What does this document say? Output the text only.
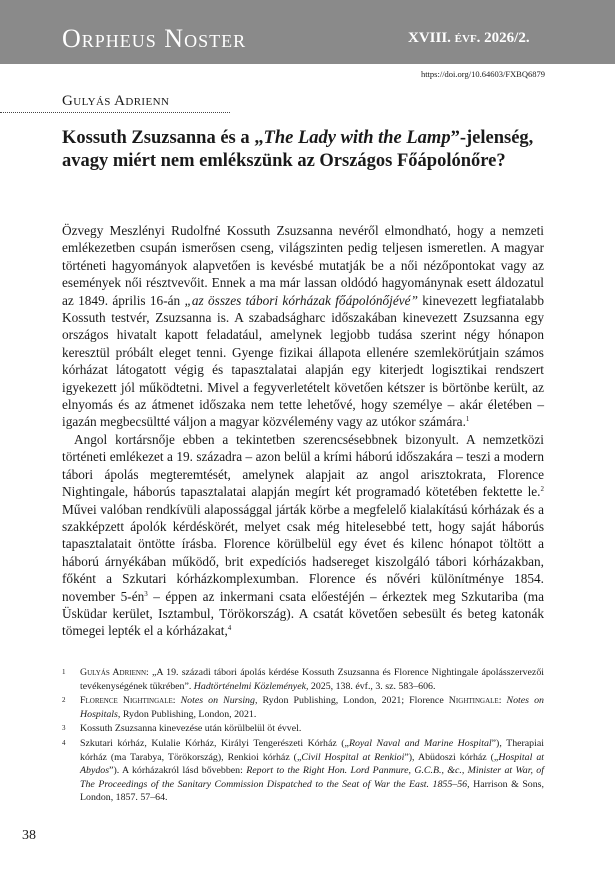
Orpheus Noster	XVIII. évf. 2026/2.
https://doi.org/10.64603/FXBQ6879
Gulyás Adrienn
Kossuth Zsuzsanna és a „The Lady with the Lamp”-jelenség, avagy miért nem emlékszünk az Országos Főápolónőre?

Özvegy Meszlényi Rudolfné Kossuth Zsuzsanna nevéről elmondható, hogy a nemzeti emlékezetben csupán ismerősen cseng, világszinten pedig teljesen ismeretlen. A magyar történeti hagyományok alapvetően is kevésbé mutatják be a női nézőpontokat vagy az események női résztvevőit. Ennek a ma már lassan oldódó hagyománynak esett áldozatul az 1849. április 16-án „az összes tábori kórházak főápolónőjévé” kinevezett legfiatalabb Kossuth testvér, Zsuzsanna is. A szabadságharc időszakában kinevezett Zsuzsanna egy országos hivatalt kapott feladatául, amelynek legjobb tudása szerint négy hónapon keresztül próbált eleget tenni. Gyenge fizikai állapota ellenére szemlekörútjain számos kórházat látogatott végig és tapasztalatai alapján egy kiterjedt logisztikai rendszert igyekezett jól működtetni. Mivel a fegyverletételt követően kétszer is börtönbe került, az elnyomás és az átmenet időszaka nem tette lehetővé, hogy személye – akár életében – igazán megbecsültté váljon a magyar közvélemény vagy az utókor számára.$^1$

Angol kortársnője ebben a tekintetben szerencsésebbnek bizonyult. A nemzetközi történeti emlékezet a 19. századra – azon belül a krími háború időszakára – teszi a modern tábori ápolás megteremtését, amelynek alapjait az angol arisztokrata, Florence Nightingale, háborús tapasztalatai alapján megírt két programadó kötetében fektette le.$^2$ Művei valóban rendkívüli alapossággal járták körbe a megfelelő kialakítású kórházak és a szakképzett ápolók kérdéskörét, melyet csak még hitelesebbé tett, hogy saját háborús tapasztalatait öntötte írásba. Florence körülbelül egy évet és kilenc hónapot töltött a háború árnyékában működő, brit expedíciós hadsereget kiszolgáló tábori kórházakban, főként a Szkutari kórházkomplexumban. Florence és nővéri különítménye 1854. november $5-én^3$ – éppen az inkermani csata előestéjén – érkeztek meg Szkutariba (ma Üsküdar kerület, Isztambul, Törökország). A csatát követően sebesült és beteg katonák tömegei lepték el a kórházakat,$^4$

1 Gulyás Adrienn: „A 19. századi tábori ápolás kérdése Kossuth Zsuzsanna és Florence Nightingale ápolásszervezői tevékenységének tükrében”. Hadtörténelmi Közlemények, 2025, 138. évf., 3. sz. 583–606.
2 Florence Nightingale: Notes on Nursing, Rydon Publishing, London, 2021; Florence Nightingale: Notes on Hospitals, Rydon Publishing, London, 2021.
3 Kossuth Zsuzsanna kinevezése után körülbelül öt évvel.
4 Szkutari kórház, Kulalie Kórház, Királyi Tengerészeti Kórház („Royal Naval and Marine Hospital”), Therapiai kórház (ma Tarabya, Törökország), Renkioi kórház („Civil Hospital at Renkioi”), Abüdoszi kórház („Hospital at Abydos”). A kórházakról lásd bővebben: Report to the Right Hon. Lord Panmure, G.C.B., &c., Minister at War, of The Proceedings of the Sanitary Commission Dispatched to the Seat of War the East. 1855–56, Harrison & Sons, London, 1857. 57–64.
38
